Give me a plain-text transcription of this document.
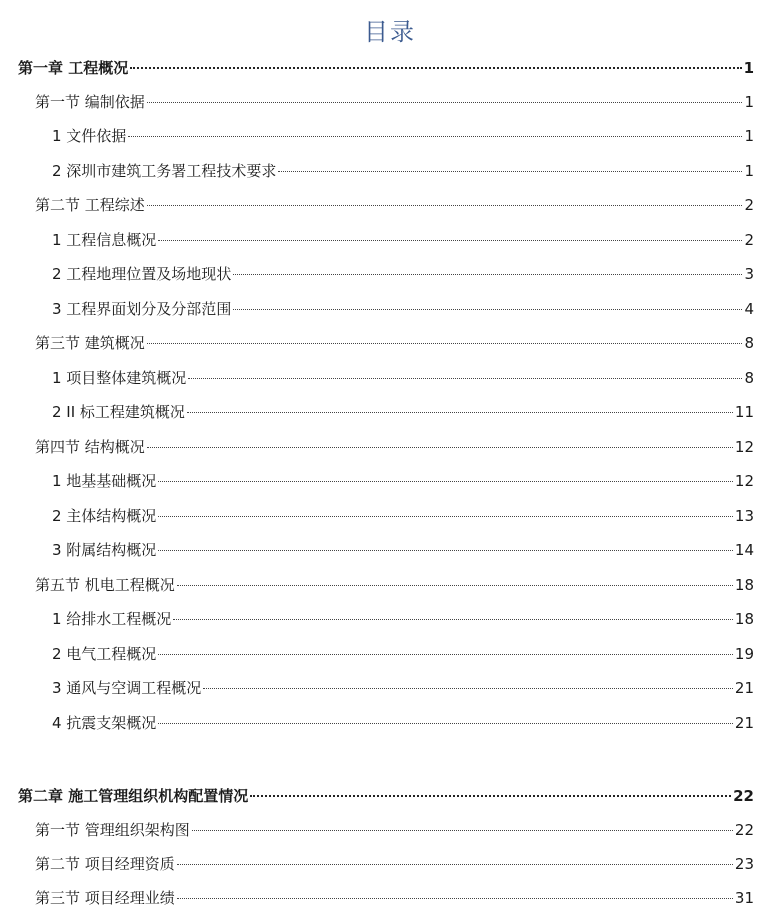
目录
第一章 工程概况	1
第一节 编制依据	1
1 文件依据	1
2 深圳市建筑工务署工程技术要求	1
第二节 工程综述	2
1 工程信息概况	2
2 工程地理位置及场地现状	3
3 工程界面划分及分部范围	4
第三节 建筑概况	8
1 项目整体建筑概况	8
2 II 标工程建筑概况	11
第四节 结构概况	12
1 地基基础概况	12
2 主体结构概况	13
3 附属结构概况	14
第五节 机电工程概况	18
1 给排水工程概况	18
2 电气工程概况	19
3 通风与空调工程概况	21
4 抗震支架概况	21
第二章 施工管理组织机构配置情况	22
第一节 管理组织架构图	22
第二节 项目经理资质	23
第三节 项目经理业绩	31
